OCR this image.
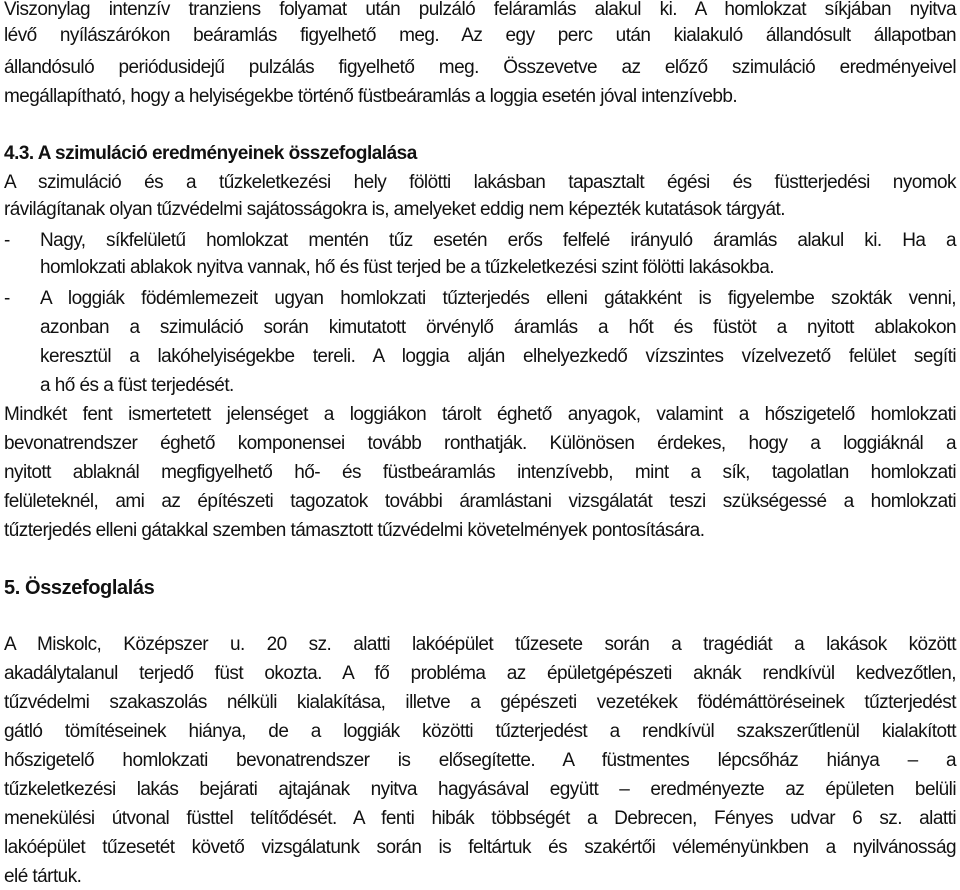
Viszonylag intenzív tranziens folyamat után pulzáló feláramlás alakul ki. A homlokzat síkjában nyitva
lévő nyílászárókon beáramlás figyelhető meg. Az egy perc után kialakuló állandósult állapotban
állandósuló periódusidejű pulzálás figyelhető meg. Összevetve az előző szimuláció eredményeivel
megállapítható, hogy a helyiségekbe történő füstbeáramlás a loggia esetén jóval intenzívebb.
4.3. A szimuláció eredményeinek összefoglalása
A szimuláció és a tűzkeletkezési hely fölötti lakásban tapasztalt égési és füstterjedési nyomok
rávilágítanak olyan tűzvédelmi sajátosságokra is, amelyeket eddig nem képezték kutatások tárgyát.
- Nagy, síkfelületű homlokzat mentén tűz esetén erős felfelé irányuló áramlás alakul ki. Ha a
homlokzati ablakok nyitva vannak, hő és füst terjed be a tűzkeletkezési szint fölötti lakásokba.
- A loggiák födémlemezeit ugyan homlokzati tűzterjedés elleni gátakként is figyelembe szokták venni,
azonban a szimuláció során kimutatott örvénylő áramlás a hőt és füstöt a nyitott ablakokon
keresztül a lakóhelyiségekbe tereli. A loggia alján elhelyezkedő vízszintes vízelvezető felület segíti
a hő és a füst terjedését.
Mindkét fent ismertetett jelenséget a loggiákon tárolt éghető anyagok, valamint a hőszigetelő homlokzati
bevonatrendszer éghető komponensei tovább ronthatják. Különösen érdekes, hogy a loggiáknál a
nyitott ablaknál megfigyelhető hő- és füstbeáramlás intenzívebb, mint a sík, tagolatlan homlokzati
felületeknél, ami az építészeti tagozatok további áramlástani vizsgálatát teszi szükségessé a homlokzati
tűzterjedés elleni gátakkal szemben támasztott tűzvédelmi követelmények pontosítására.
5. Összefoglalás
A Miskolc, Középszer u. 20 sz. alatti lakóépület tűzesete során a tragédiát a lakások között
akadálytalanul terjedő füst okozta. A fő probléma az épületgépészeti aknák rendkívül kedvezőtlen,
tűzvédelmi szakaszolás nélküli kialakítása, illetve a gépészeti vezetékek födémáttöréseinek tűzterjedést
gátló tömítéseinek hiánya, de a loggiák közötti tűzterjedést a rendkívül szakszerűtlenül kialakított
hőszigetelő homlokzati bevonatrendszer is elősegítette. A füstmentes lépcsőház hiánya – a
tűzkeletkezési lakás bejárati ajtajának nyitva hagyásával együtt – eredményezte az épületen belüli
menekülési útvonal füsttel telítődését. A fenti hibák többségét a Debrecen, Fényes udvar 6 sz. alatti
lakóépület tűzesetét követő vizsgálatunk során is feltártuk és szakértői véleményünkben a nyilvánosság
elé tártuk.
